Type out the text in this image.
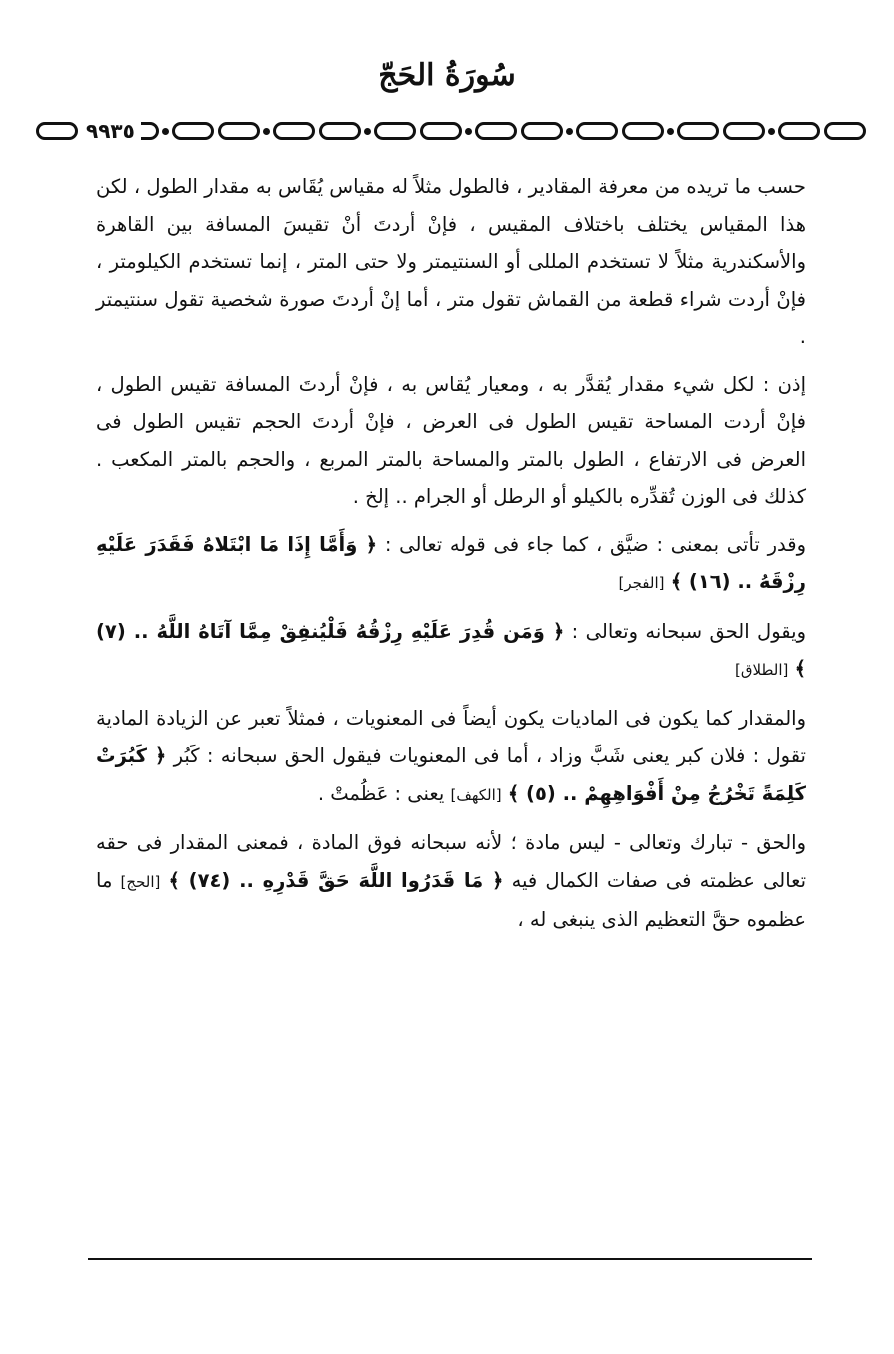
سُورَةُ الحَجّ
٩٩٣٥

حسب ما تريده من معرفة المقادير ، فالطول مثلاً له مقياس يُقَاس به مقدار الطول ، لكن هذا المقياس يختلف باختلاف المقيس ، فإنْ أردتَ أنْ تقيسَ المسافة بين القاهرة والأسكندرية مثلاً لا تستخدم المللى أو السنتيمتر ولا حتى المتر ، إنما تستخدم الكيلومتر ، فإنْ أردت شراء قطعة من القماش تقول متر ، أما إنْ أردتَ صورة شخصية تقول سنتيمتر .

إذن : لكل شيء مقدار يُقدَّر به ، ومعيار يُقاس به ، فإنْ أردتَ المسافة تقيس الطول ، فإنْ أردت المساحة تقيس الطول فى العرض ، فإنْ أردتَ الحجم تقيس الطول فى العرض فى الارتفاع ، الطول بالمتر والمساحة بالمتر المربع ، والحجم بالمتر المكعب . كذلك فى الوزن تُقدِّره بالكيلو أو الرطل أو الجرام .. إلخ .

وقدر تأتى بمعنى : ضيَّق ، كما جاء فى قوله تعالى : ﴿ وَأَمَّا إِذَا مَا ابْتَلاهُ فَقَدَرَ عَلَيْهِ رِزْقَهُ .. (١٦) ﴾ [الفجر]

ويقول الحق سبحانه وتعالى : ﴿ وَمَن قُدِرَ عَلَيْهِ رِزْقُهُ فَلْيُنفِقْ مِمَّا آتَاهُ اللَّهُ .. (٧) ﴾ [الطلاق]

والمقدار كما يكون فى الماديات يكون أيضاً فى المعنويات ، فمثلاً تعبر عن الزيادة المادية تقول : فلان كبر يعنى شَبَّ وزاد ، أما فى المعنويات فيقول الحق سبحانه : كَبُر ﴿ كَبُرَتْ كَلِمَةً تَخْرُجُ مِنْ أَفْوَاهِهِمْ .. (٥) ﴾ [الكهف] يعنى : عَظُمتْ .

والحق - تبارك وتعالى - ليس مادة ؛ لأنه سبحانه فوق المادة ، فمعنى المقدار فى حقه تعالى عظمته فى صفات الكمال فيه ﴿ مَا قَدَرُوا اللَّهَ حَقَّ قَدْرِهِ .. (٧٤) ﴾ [الحج] ما عظموه حقَّ التعظيم الذى ينبغى له ،
